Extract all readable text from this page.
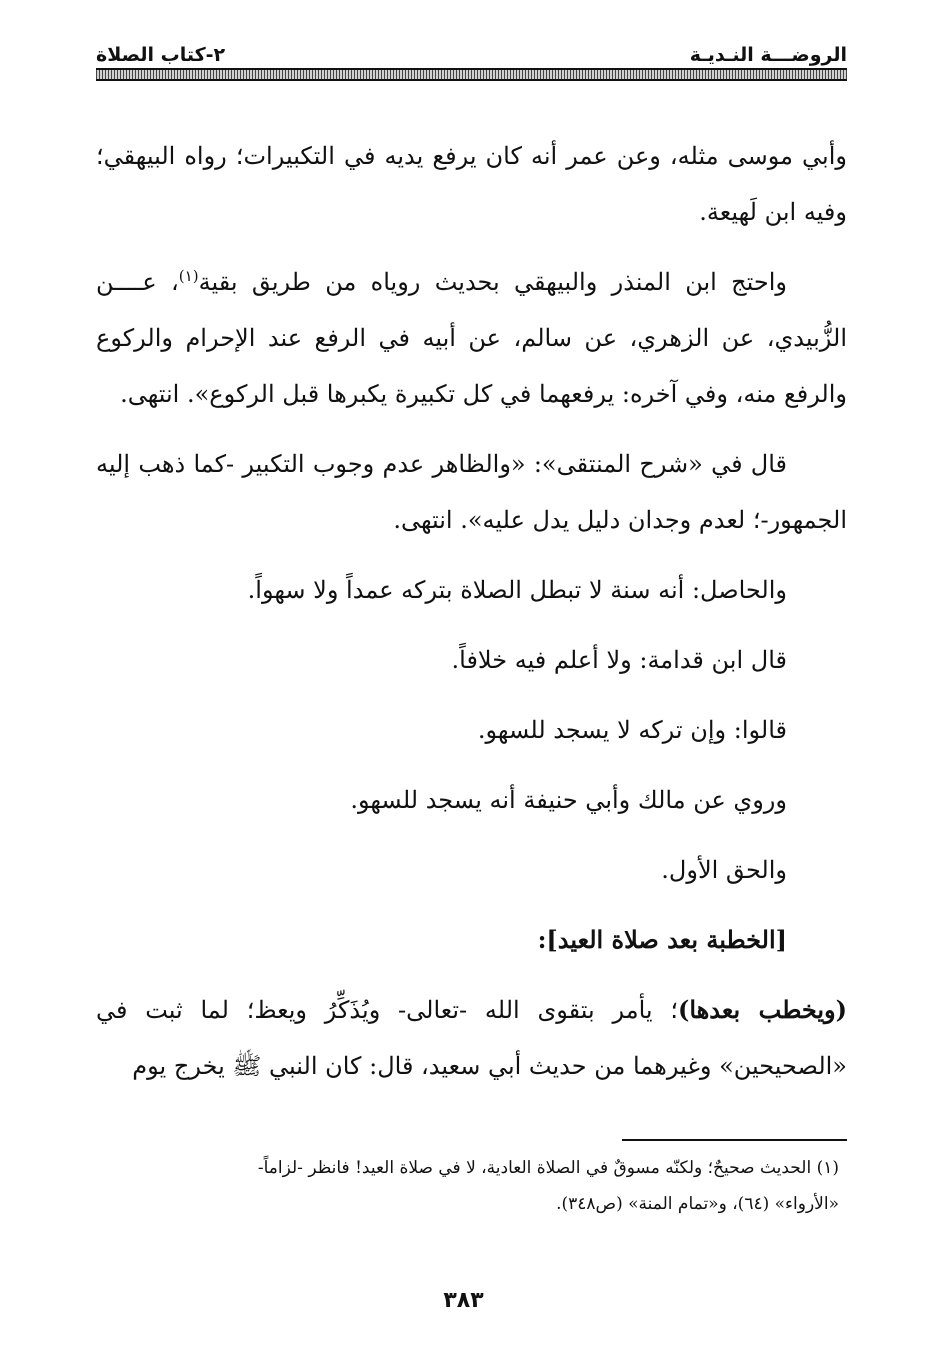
الروضـــة النـديـة
٢-كتاب الصلاة

وأبي موسى مثله، وعن عمر أنه كان يرفع يديه في التكبيرات؛ رواه البيهقي؛ وفيه ابن لَهيعة.

واحتج ابن المنذر والبيهقي بحديث روياه من طريق بقية$^{(١)}$، عــــن الزُّبيدي، عن الزهري، عن سالم، عن أبيه في الرفع عند الإحرام والركوع والرفع منه، وفي آخره: يرفعهما في كل تكبيرة يكبرها قبل الركوع». انتهى.

قال في «شرح المنتقى»: «والظاهر عدم وجوب التكبير -كما ذهب إليه الجمهور-؛ لعدم وجدان دليل يدل عليه». انتهى.

والحاصل: أنه سنة لا تبطل الصلاة بتركه عمداً ولا سهواً.

قال ابن قدامة: ولا أعلم فيه خلافاً.

قالوا: وإن تركه لا يسجد للسهو.

وروي عن مالك وأبي حنيفة أنه يسجد للسهو.

والحق الأول.

[الخطبة بعد صلاة العيد]:

(ويخطب بعدها)؛ يأمر بتقوى الله -تعالى- ويُذَكِّرُ ويعظ؛ لما ثبت في «الصحيحين» وغيرهما من حديث أبي سعيد، قال: كان النبي ﷺ يخرج يوم

(١) الحديث صحيحٌ؛ ولكنّه مسوقٌ في الصلاة العادية، لا في صلاة العيد! فانظر -لزاماً-

«الأرواء» (٦٤)، و«تمام المنة» (ص٣٤٨).

٣٨٣
